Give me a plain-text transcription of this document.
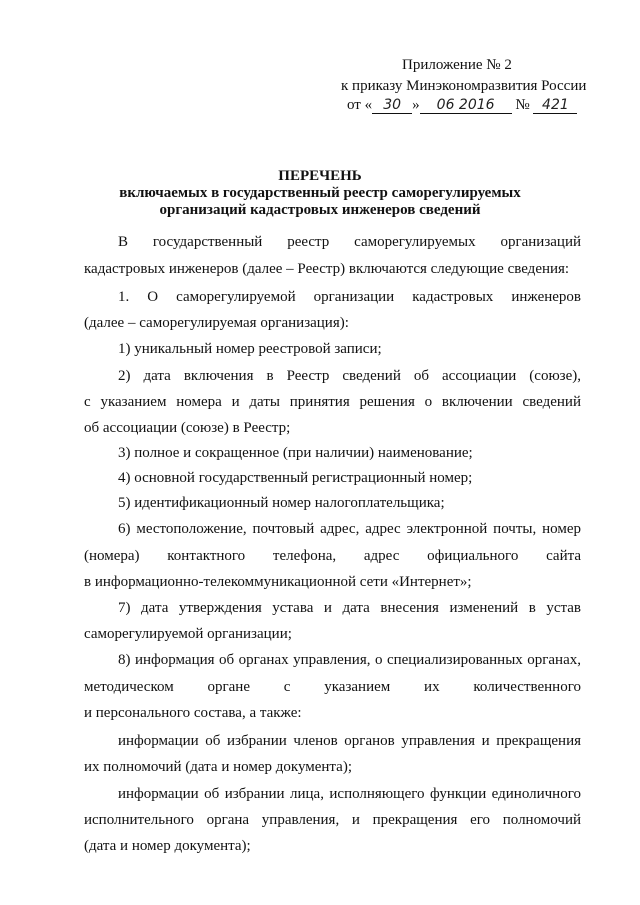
Приложение № 2
к приказу Минэкономразвития России
от « 30 » 06 2016 № 421
ПЕРЕЧЕНЬ
включаемых в государственный реестр саморегулируемых
организаций кадастровых инженеров сведений
В государственный реестр саморегулируемых организаций
кадастровых инженеров (далее – Реестр) включаются следующие сведения:
1. О саморегулируемой организации кадастровых инженеров
(далее – саморегулируемая организация):
1) уникальный номер реестровой записи;
2) дата включения в Реестр сведений об ассоциации (союзе),
с указанием номера и даты принятия решения о включении сведений
об ассоциации (союзе) в Реестр;
3) полное и сокращенное (при наличии) наименование;
4) основной государственный регистрационный номер;
5) идентификационный номер налогоплательщика;
6) местоположение, почтовый адрес, адрес электронной почты, номер
(номера) контактного телефона, адрес официального сайта
в информационно-телекоммуникационной сети «Интернет»;
7) дата утверждения устава и дата внесения изменений в устав
саморегулируемой организации;
8) информация об органах управления, о специализированных органах,
методическом органе с указанием их количественного
и персонального состава, а также:
информации об избрании членов органов управления и прекращения
их полномочий (дата и номер документа);
информации об избрании лица, исполняющего функции единоличного
исполнительного органа управления, и прекращения его полномочий
(дата и номер документа);
